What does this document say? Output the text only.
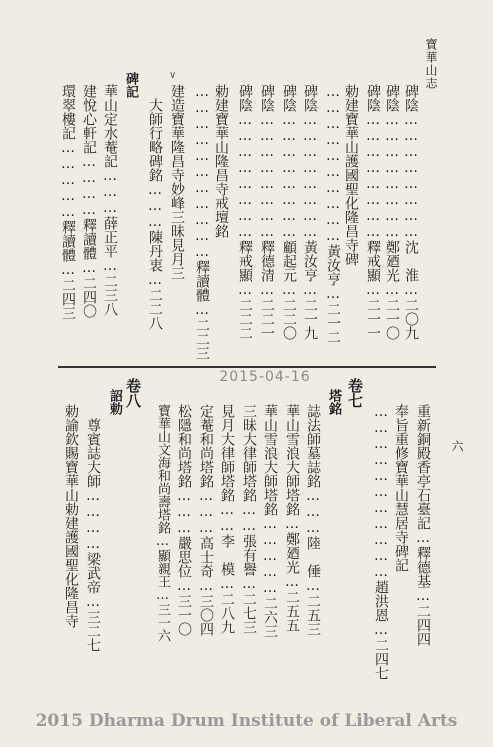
寶華山志
六
碑陰……………………沈　淮…二〇九
碑陰……………………鄭廼光…二一〇
碑陰……………………釋戒顯…二一一
勅建寶華山護國聖化隆昌寺碑
…………………………黃汝亨…二一二
碑陰……………………黃汝亨…二一九
碑陰……………………顧起元…二二〇
碑陰……………………釋德清…二二一
碑陰……………………釋戒顯…二二二
勅建寶華山隆昌寺戒壇銘
……………………………釋讀體…二二三
∨
建造寶華隆昌寺妙峰三昧見月三
大師行略碑銘………陳丹衷…二二八
碑記
華山定水菴記………薛正平…二三八
建悅心軒記…………釋讀體…二四〇
環翠樓記……………釋讀體…二四三
2015-04-16
重新銅殿香亭石臺記…釋德基…二四四
奉旨重修寶華山慧居寺碑記
……………………………趙洪恩…二四七
卷七
塔銘
誌法師墓誌銘………陸　倕…二五三
華山雪浪大師塔銘…鄭廼光…二五五
華山雪浪大師塔銘……………二六三
三昧大律師塔銘……張有譽…二七三
見月大律師塔銘……李　模…二八九
定菴和尚塔銘………高士奇…三〇四
松隱和尚塔銘………嚴思位…三一〇
寶華山文海和尚壽塔銘…顯親王…三一六
卷八
詔勅
尊賓誌大師…………梁武帝…三二七
勅諭欽賜寶華山勅建護國聖化隆昌寺
2015 Dharma Drum Institute of Liberal Arts
